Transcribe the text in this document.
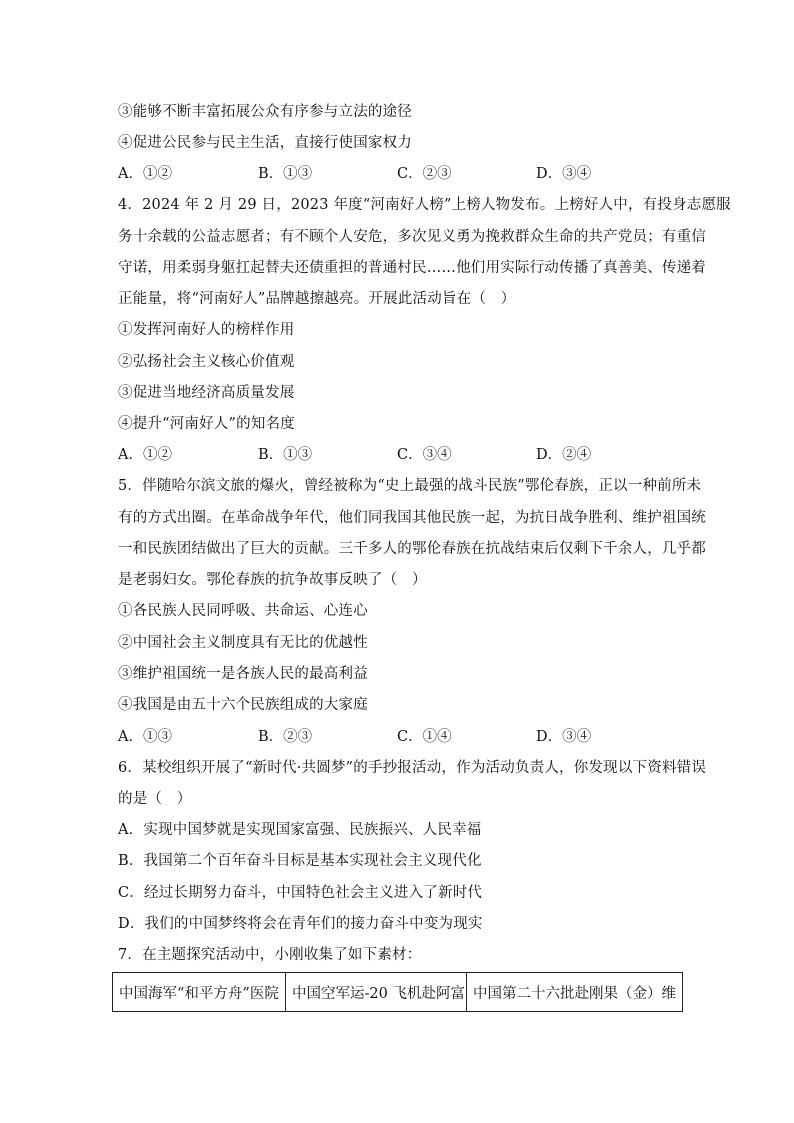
③能够不断丰富拓展公众有序参与立法的途径
④促进公民参与民主生活，直接行使国家权力
A．①②	B．①③	C．②③	D．③④
4．2024 年 2 月 29 日，2023 年度“河南好人榜”上榜人物发布。上榜好人中，有投身志愿服
务十余载的公益志愿者；有不顾个人安危，多次见义勇为挽救群众生命的共产党员；有重信
守诺，用柔弱身躯扛起替夫还债重担的普通村民……他们用实际行动传播了真善美、传递着
正能量，将“河南好人”品牌越擦越亮。开展此活动旨在（　）
①发挥河南好人的榜样作用
②弘扬社会主义核心价值观
③促进当地经济高质量发展
④提升“河南好人”的知名度
A．①②	B．①③	C．③④	D．②④
5．伴随哈尔滨文旅的爆火，曾经被称为“史上最强的战斗民族”鄂伦春族，正以一种前所未
有的方式出圈。在革命战争年代，他们同我国其他民族一起，为抗日战争胜利、维护祖国统
一和民族团结做出了巨大的贡献。三千多人的鄂伦春族在抗战结束后仅剩下千余人，几乎都
是老弱妇女。鄂伦春族的抗争故事反映了（　）
①各民族人民同呼吸、共命运、心连心
②中国社会主义制度具有无比的优越性
③维护祖国统一是各族人民的最高利益
④我国是由五十六个民族组成的大家庭
A．①③	B．②③	C．①④	D．③④
6．某校组织开展了“新时代·共圆梦”的手抄报活动，作为活动负责人，你发现以下资料错误
的是（　）
A．实现中国梦就是实现国家富强、民族振兴、人民幸福
B．我国第二个百年奋斗目标是基本实现社会主义现代化
C．经过长期努力奋斗，中国特色社会主义进入了新时代
D．我们的中国梦终将会在青年们的接力奋斗中变为现实
7．在主题探究活动中，小刚收集了如下素材：
中国海军“和平方舟”医院	中国空军运-20 飞机赴阿富	中国第二十六批赴刚果（金）维
